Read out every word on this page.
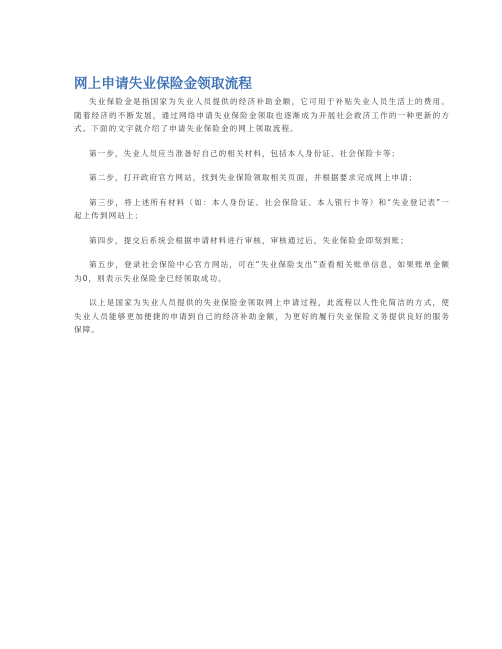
网上申请失业保险金领取流程

失业保险金是指国家为失业人员提供的经济补助金额，它可用于补贴失业人员生活上的费用。随着经济的不断发展，通过网络申请失业保险金领取也逐渐成为开展社会救济工作的一种更新的方式。下面的文字就介绍了申请失业保险金的网上领取流程。

第一步，失业人员应当准备好自己的相关材料，包括本人身份证、社会保险卡等；

第二步，打开政府官方网站，找到失业保险领取相关页面，并根据要求完成网上申请；

第三步，将上述所有材料（如：本人身份证、社会保险证、本人银行卡等）和“失业登记表”一起上传到网站上；

第四步，提交后系统会根据申请材料进行审核，审核通过后，失业保险金即刻到账；

第五步，登录社会保险中心官方网站，可在“失业保险支出”查看相关账单信息，如果账单金额为0，则表示失业保险金已经领取成功。

以上是国家为失业人员提供的失业保险金领取网上申请过程，此流程以人性化简洁的方式，使失业人员能够更加便捷的申请到自己的经济补助金额，为更好的履行失业保险义务提供良好的服务保障。
